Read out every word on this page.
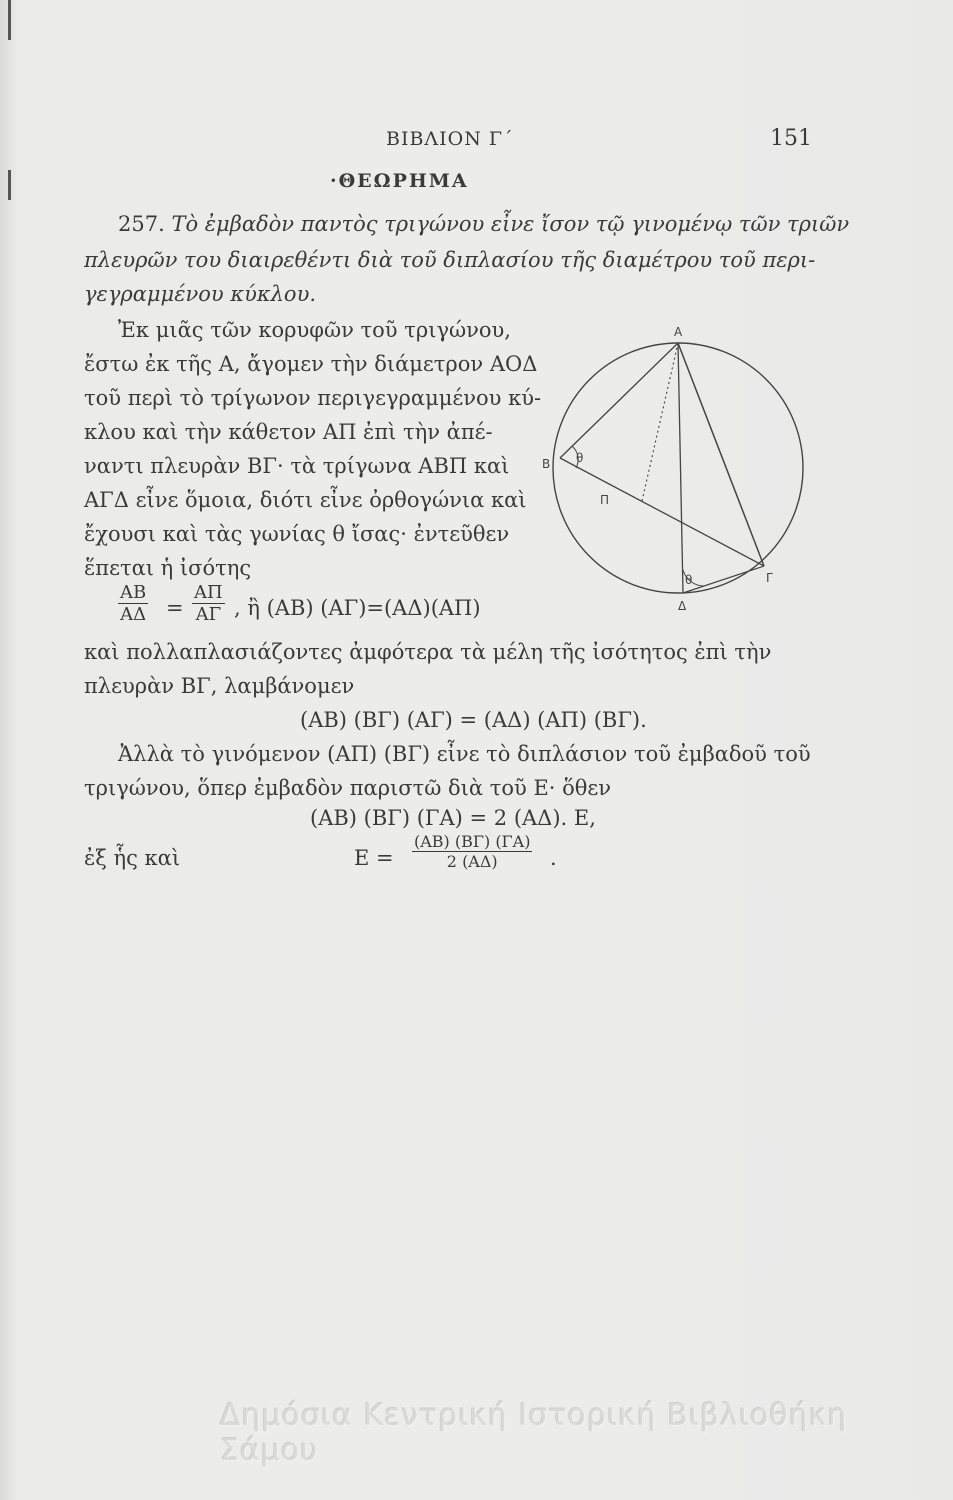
ΒΙΒΛΙΟΝ Γ΄	151
·ΘΕΩΡΗΜΑ
257. Τὸ ἐμβαδὸν παντὸς τριγώνου εἶνε ἴσον τῷ γινομένῳ τῶν τριῶν
πλευρῶν του διαιρεθέντι διὰ τοῦ διπλασίου τῆς διαμέτρου τοῦ περι-
γεγραμμένου κύκλου.
Ἐκ μιᾶς τῶν κορυφῶν τοῦ τριγώνου,
ἔστω ἐκ τῆς Α, ἄγομεν τὴν διάμετρον ΑΟΔ
τοῦ περὶ τὸ τρίγωνον περιγεγραμμένου κύ-
κλου καὶ τὴν κάθετον ΑΠ ἐπὶ τὴν ἀπέ-
ναντι πλευρὰν ΒΓ· τὰ τρίγωνα ΑΒΠ καὶ
ΑΓΔ εἶνε ὅμοια, διότι εἶνε ὀρθογώνια καὶ
ἔχουσι καὶ τὰς γωνίας θ ἴσας· ἐντεῦθεν
ἕπεται ἡ ἰσότης
$\frac{AB}{A\Delta} = \frac{A\Pi}{A\Gamma}$ , ἢ (ΑΒ) (ΑΓ)=(ΑΔ)(ΑΠ)
καὶ πολλαπλασιάζοντες ἀμφότερα τὰ μέλη τῆς ἰσότητος ἐπὶ τὴν
πλευρὰν ΒΓ, λαμβάνομεν
(ΑΒ) (ΒΓ) (ΑΓ) = (ΑΔ) (ΑΠ) (ΒΓ).
Ἀλλὰ τὸ γινόμενον (ΑΠ) (ΒΓ) εἶνε τὸ διπλάσιον τοῦ ἐμβαδοῦ τοῦ
τριγώνου, ὅπερ ἐμβαδὸν παριστῶ διὰ τοῦ Ε· ὅθεν
(ΑΒ) (ΒΓ) (ΓΑ) = 2 (ΑΔ). Ε,
ἐξ ἧς καὶ	$E = \frac{(AB) (B\Gamma) (\Gamma A)}{2 (A\Delta)}$ .
Α
Β θ
Π
θ	Γ
Δ
Δημόσια Κεντρική Ιστορική Βιβλιοθήκη Σάμου
